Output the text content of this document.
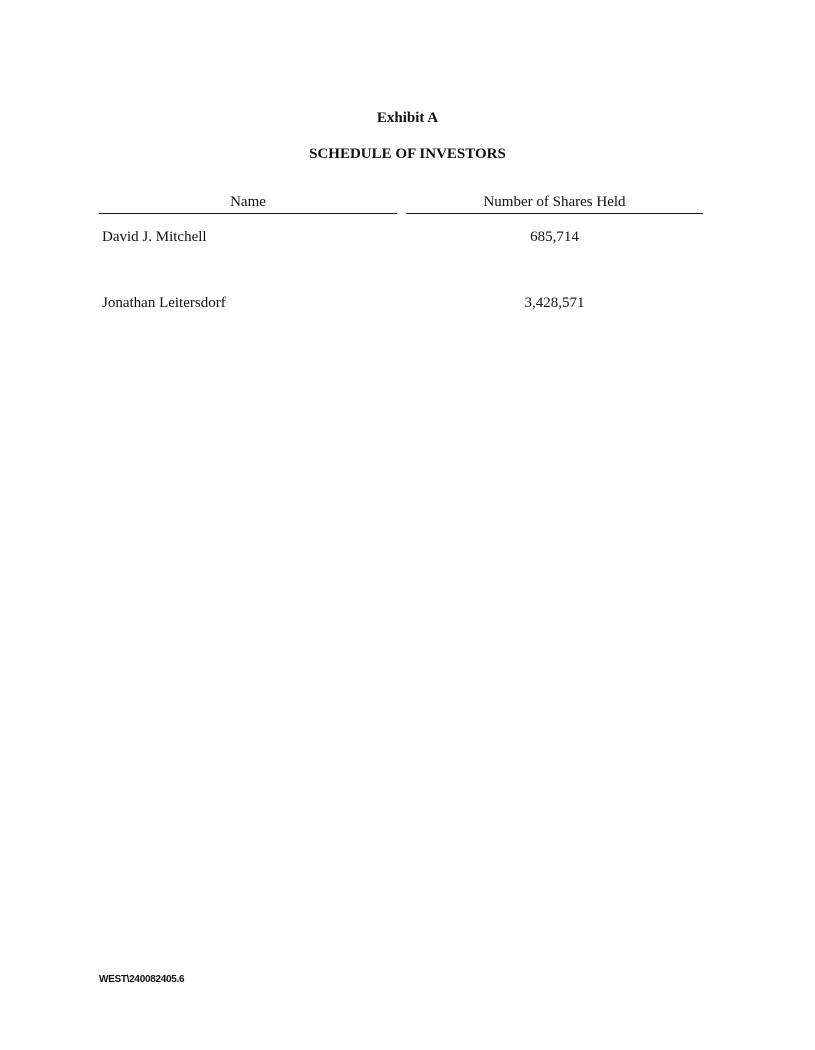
Exhibit A
SCHEDULE OF INVESTORS
Name	Number of Shares Held
David J. Mitchell	685,714
Jonathan Leitersdorf	3,428,571
WEST\240082405.6
